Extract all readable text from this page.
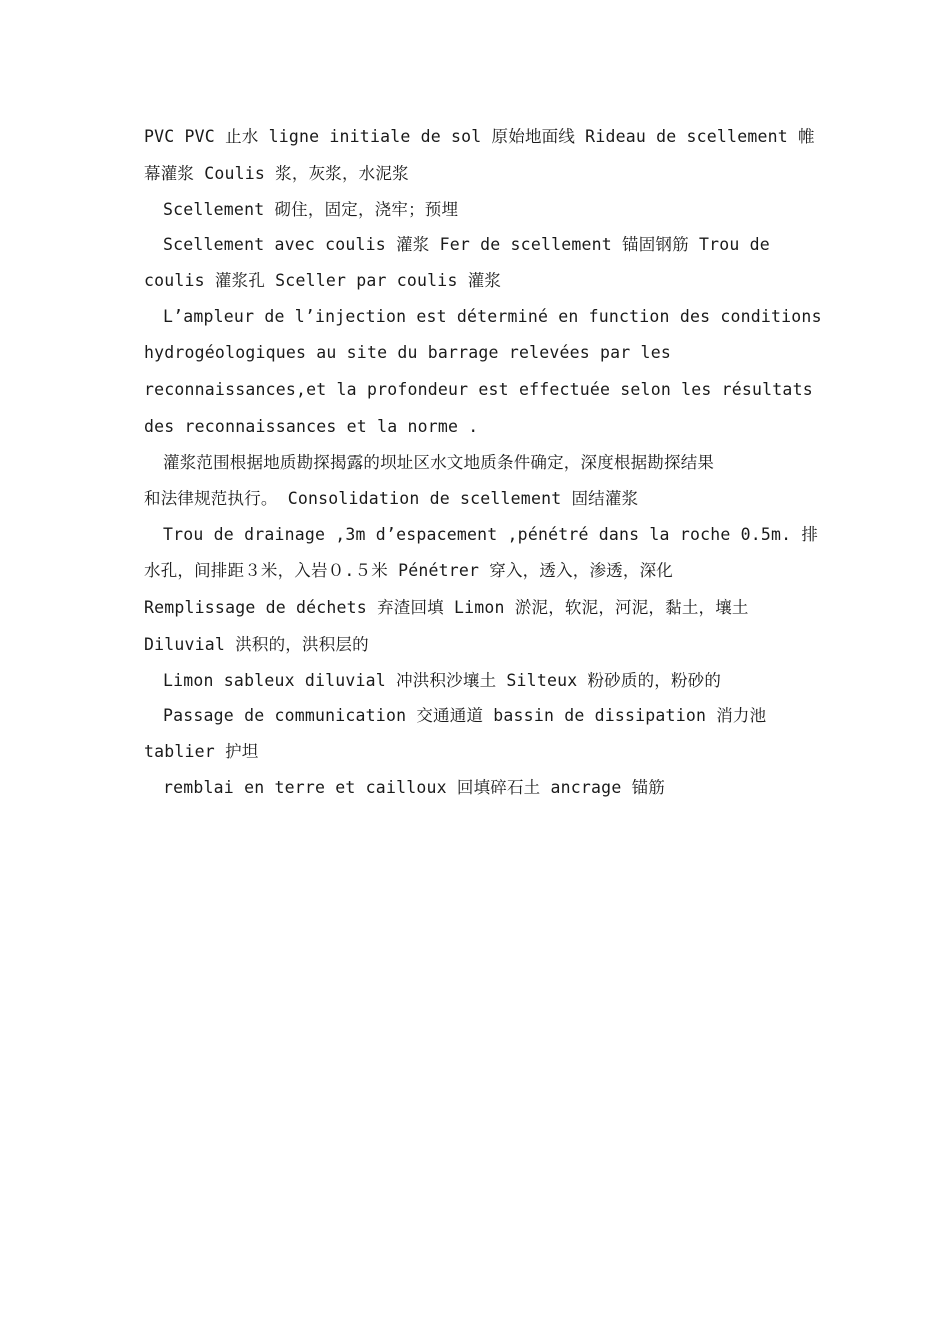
PVC PVC 止水 ligne initiale de sol 原始地面线 Rideau de scellement 帷
幕灌浆 Coulis 浆，灰浆，水泥浆
Scellement 砌住，固定，浇牢；预埋
Scellement avec coulis 灌浆 Fer de scellement 锚固钢筋 Trou de
coulis 灌浆孔 Sceller par coulis 灌浆
L’ampleur de l’injection est déterminé en function des conditions
hydrogéologiques au site du barrage relevées par les
reconnaissances,et la profondeur est effectuée selon les résultats
des reconnaissances et la norme .
灌浆范围根据地质勘探揭露的坝址区水文地质条件确定，深度根据勘探结果
和法律规范执行。 Consolidation de scellement 固结灌浆
Trou de drainage ,3m d’espacement ,pénétré dans la roche 0.5m. 排
水孔，间排距３米，入岩０.５米 Pénétrer 穿入，透入，渗透，深化
Remplissage de déchets 弃渣回填 Limon 淤泥，软泥，河泥，黏土，壤土
Diluvial 洪积的，洪积层的
Limon sableux diluvial 冲洪积沙壤土 Silteux 粉砂质的，粉砂的
Passage de communication 交通通道 bassin de dissipation 消力池
tablier 护坦
remblai en terre et cailloux 回填碎石土 ancrage 锚筋
